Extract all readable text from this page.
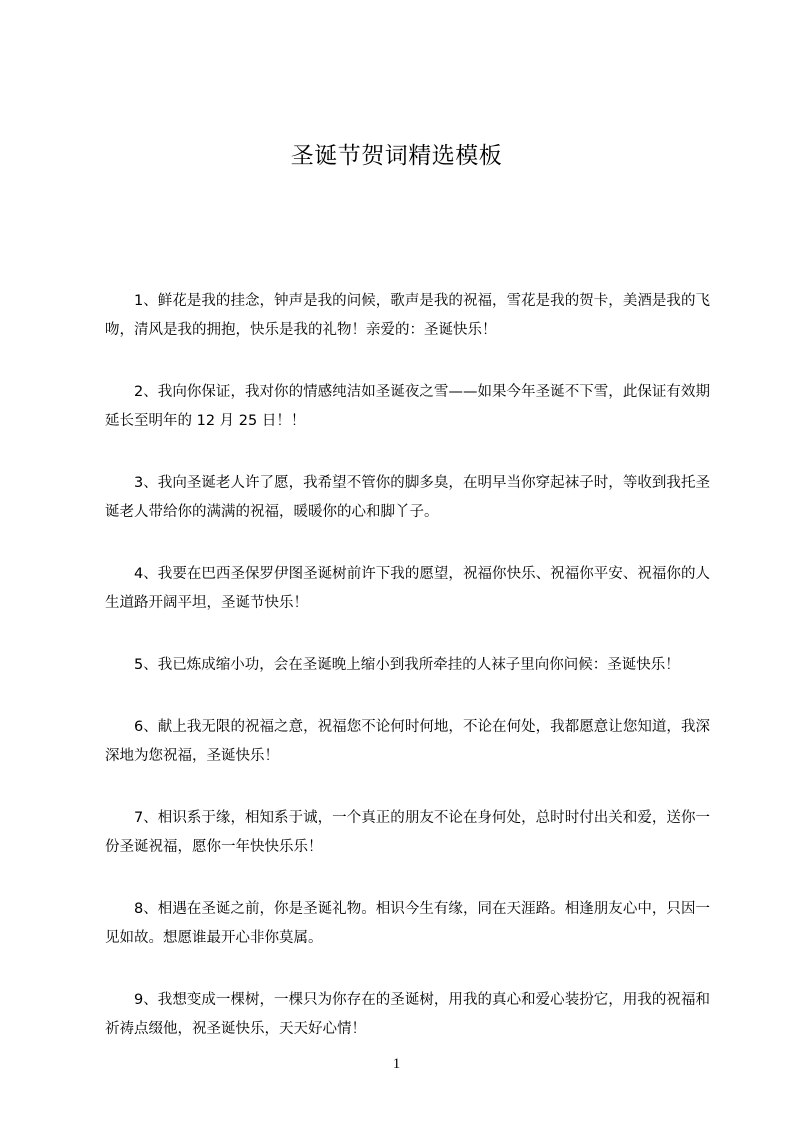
圣诞节贺词精选模板

1、鲜花是我的挂念，钟声是我的问候，歌声是我的祝福，雪花是我的贺卡，美酒是我的飞吻，清风是我的拥抱，快乐是我的礼物！亲爱的：圣诞快乐！

2、我向你保证，我对你的情感纯洁如圣诞夜之雪——如果今年圣诞不下雪，此保证有效期延长至明年的 12 月 25 日！！

3、我向圣诞老人许了愿，我希望不管你的脚多臭，在明早当你穿起袜子时，等收到我托圣诞老人带给你的满满的祝福，暖暖你的心和脚丫子。

4、我要在巴西圣保罗伊图圣诞树前许下我的愿望，祝福你快乐、祝福你平安、祝福你的人生道路开阔平坦，圣诞节快乐！

5、我已炼成缩小功，会在圣诞晚上缩小到我所牵挂的人袜子里向你问候：圣诞快乐！

6、献上我无限的祝福之意，祝福您不论何时何地，不论在何处，我都愿意让您知道，我深深地为您祝福，圣诞快乐！

7、相识系于缘，相知系于诚，一个真正的朋友不论在身何处，总时时付出关和爱，送你一份圣诞祝福，愿你一年快快乐乐！

8、相遇在圣诞之前，你是圣诞礼物。相识今生有缘，同在天涯路。相逢朋友心中，只因一见如故。想愿谁最开心非你莫属。

9、我想变成一棵树，一棵只为你存在的圣诞树，用我的真心和爱心装扮它，用我的祝福和祈祷点缀他，祝圣诞快乐，天天好心情！

1
